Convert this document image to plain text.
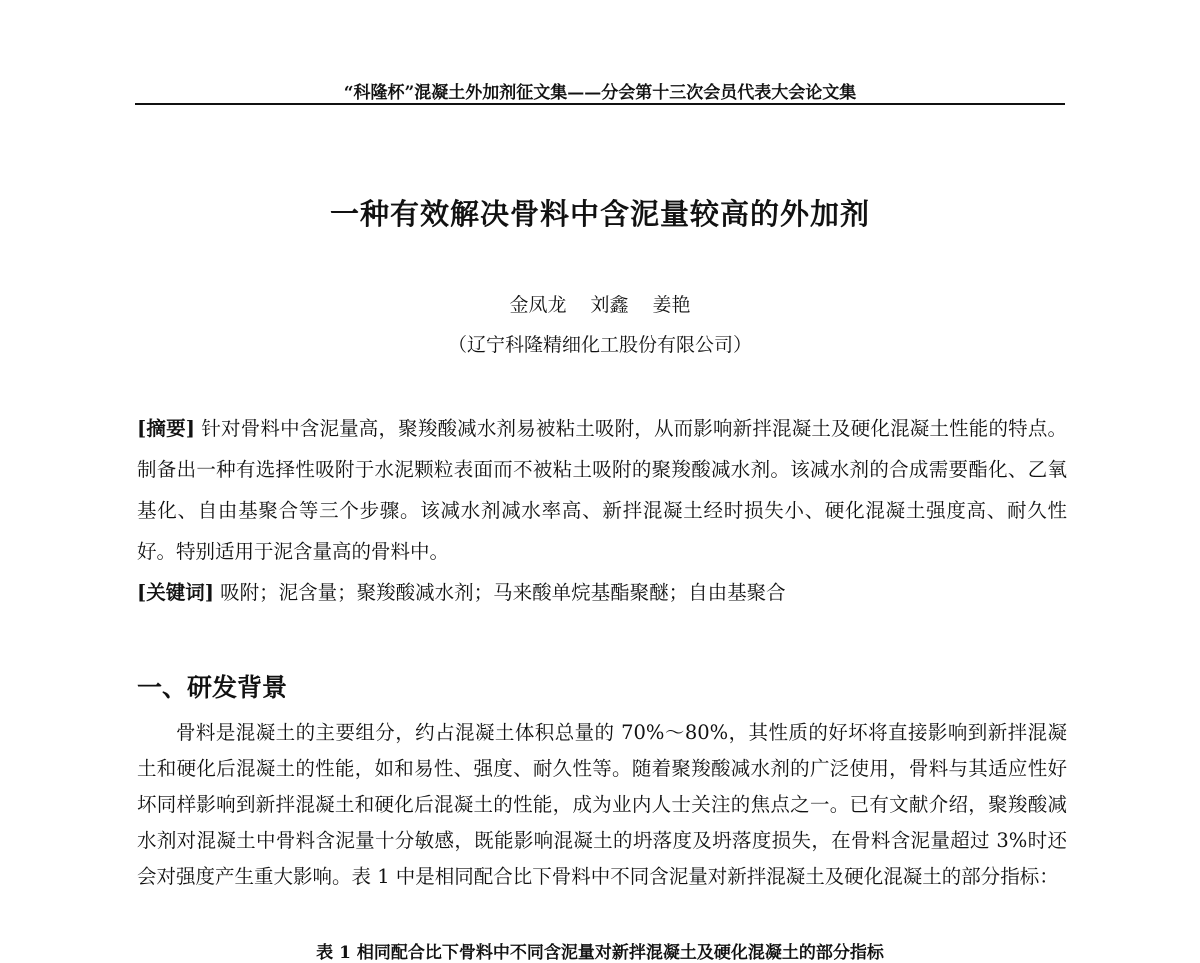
“科隆杯”混凝土外加剂征文集——分会第十三次会员代表大会论文集
一种有效解决骨料中含泥量较高的外加剂
金凤龙 刘鑫 姜艳
（辽宁科隆精细化工股份有限公司）
[摘要] 针对骨料中含泥量高，聚羧酸减水剂易被粘土吸附，从而影响新拌混凝土及硬化混凝土性能的特点。制备出一种有选择性吸附于水泥颗粒表面而不被粘土吸附的聚羧酸减水剂。该减水剂的合成需要酯化、乙氧基化、自由基聚合等三个步骤。该减水剂减水率高、新拌混凝土经时损失小、硬化混凝土强度高、耐久性好。特别适用于泥含量高的骨料中。
[关键词] 吸附；泥含量；聚羧酸减水剂；马来酸单烷基酯聚醚；自由基聚合
一、研发背景
骨料是混凝土的主要组分，约占混凝土体积总量的 70%～80%，其性质的好坏将直接影响到新拌混凝土和硬化后混凝土的性能，如和易性、强度、耐久性等。随着聚羧酸减水剂的广泛使用，骨料与其适应性好坏同样影响到新拌混凝土和硬化后混凝土的性能，成为业内人士关注的焦点之一。已有文献介绍，聚羧酸减水剂对混凝土中骨料含泥量十分敏感，既能影响混凝土的坍落度及坍落度损失，在骨料含泥量超过 3%时还会对强度产生重大影响。表 1 中是相同配合比下骨料中不同含泥量对新拌混凝土及硬化混凝土的部分指标：
表 1 相同配合比下骨料中不同含泥量对新拌混凝土及硬化混凝土的部分指标
